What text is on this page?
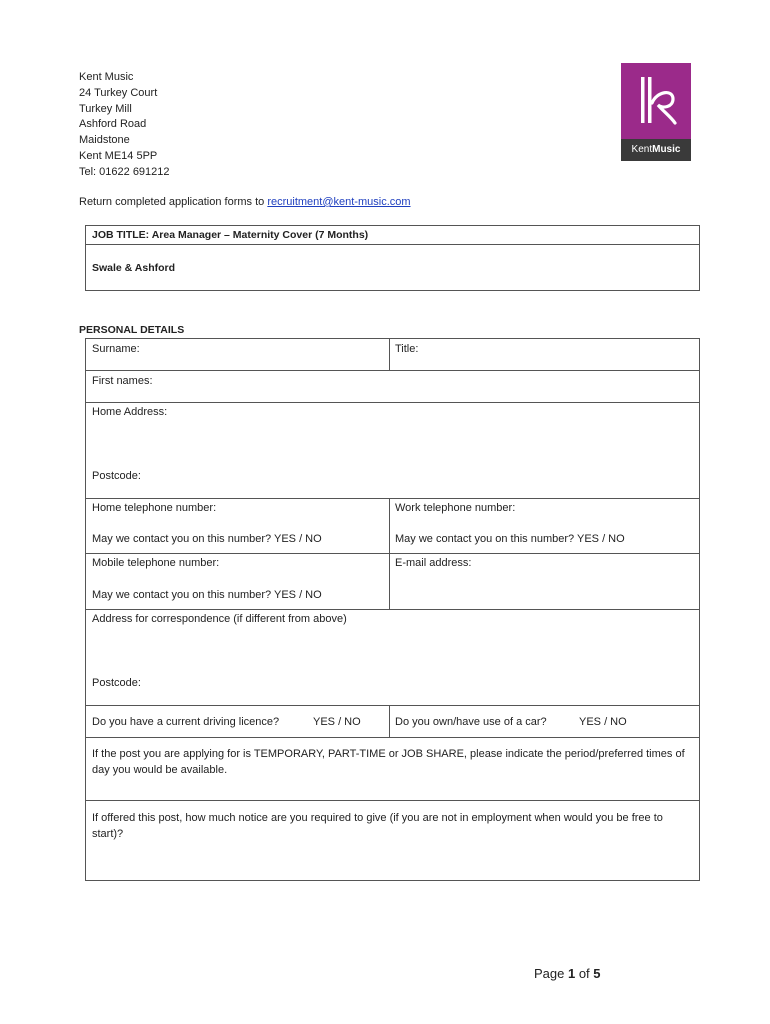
Kent Music
24 Turkey Court
Turkey Mill
Ashford Road
Maidstone
Kent ME14 5PP
Tel: 01622 691212
KentMusic
Return completed application forms to recruitment@kent-music.com
JOB TITLE: Area Manager – Maternity Cover (7 Months)
Swale & Ashford
PERSONAL DETAILS
Surname:	Title:
First names:
Home Address:
Postcode:
Home telephone number:	Work telephone number:
May we contact you on this number? YES / NO	May we contact you on this number? YES / NO
Mobile telephone number:	E-mail address:
May we contact you on this number? YES / NO
Address for correspondence (if different from above)
Postcode:
Do you have a current driving licence?	YES / NO	Do you own/have use of a car?	YES / NO
If the post you are applying for is TEMPORARY, PART-TIME or JOB SHARE, please indicate the period/preferred times of day you would be available.
If offered this post, how much notice are you required to give (if you are not in employment when would you be free to start)?
Page 1 of 5
